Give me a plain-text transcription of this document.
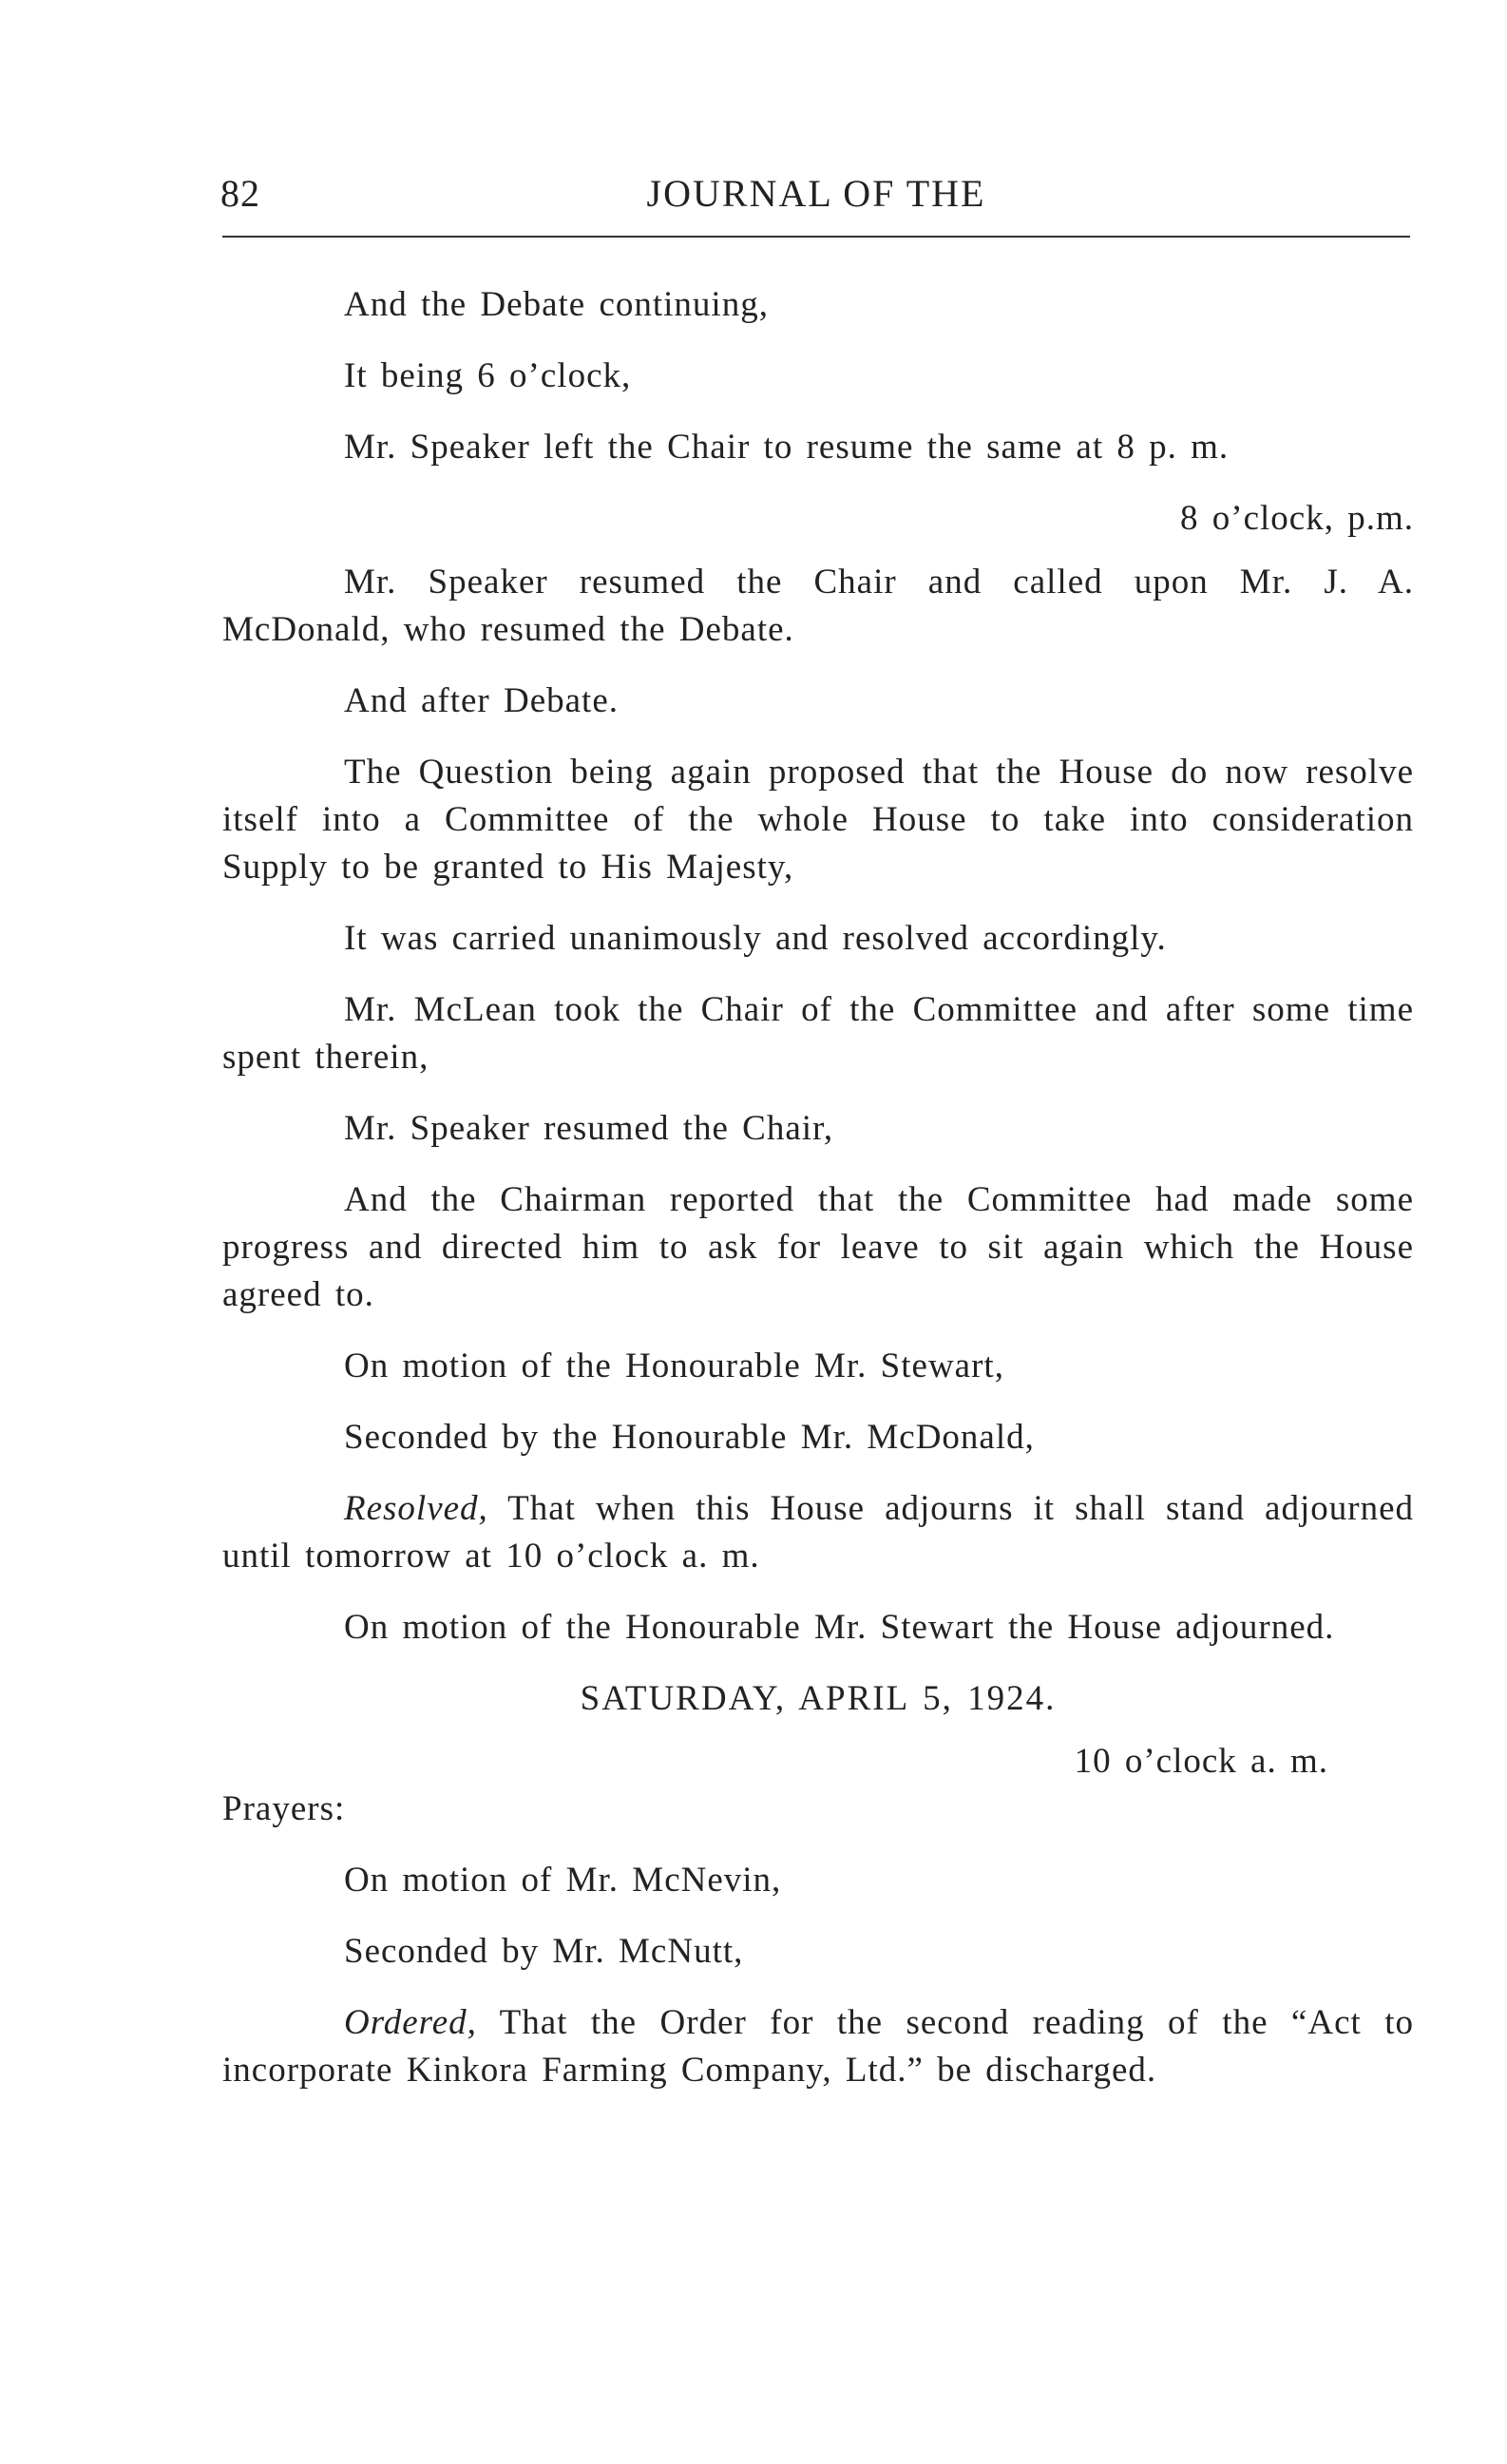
82	JOURNAL OF THE

And the Debate continuing,

It being 6 o’clock,

Mr. Speaker left the Chair to resume the same at 8 p. m.

8 o’clock, p.m.

Mr. Speaker resumed the Chair and called upon Mr. J. A. McDonald, who resumed the Debate.

And after Debate.

The Question being again proposed that the House do now resolve itself into a Committee of the whole House to take into consideration Supply to be granted to His Majesty,

It was carried unanimously and resolved accordingly.

Mr. McLean took the Chair of the Committee and after some time spent therein,

Mr. Speaker resumed the Chair,

And the Chairman reported that the Committee had made some progress and directed him to ask for leave to sit again which the House agreed to.

On motion of the Honourable Mr. Stewart,

Seconded by the Honourable Mr. McDonald,

Resolved, That when this House adjourns it shall stand adjourned until tomorrow at 10 o’clock a. m.

On motion of the Honourable Mr. Stewart the House adjourned.

SATURDAY, APRIL 5, 1924.

10 o’clock a. m.

Prayers:

On motion of Mr. McNevin,

Seconded by Mr. McNutt,

Ordered, That the Order for the second reading of the “Act to incorporate Kinkora Farming Company, Ltd.” be discharged.
